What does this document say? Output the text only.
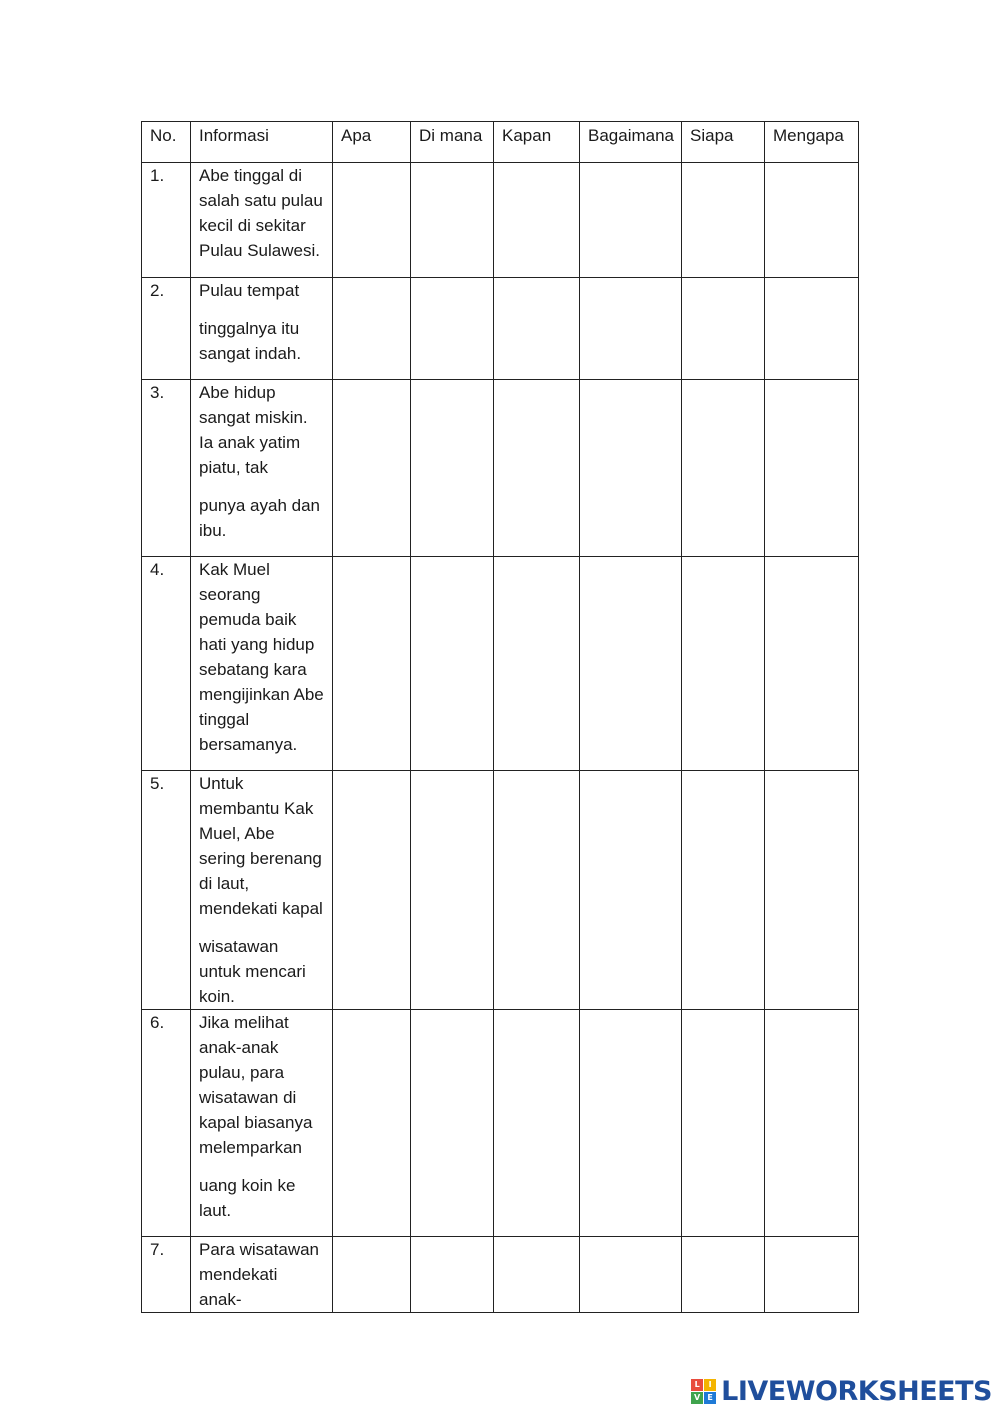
No.	Informasi	Apa	Di mana	Kapan	Bagaimana	Siapa	Mengapa
1.	Abe tinggal di salah satu pulau kecil di sekitar Pulau Sulawesi.						

2.	Pulau tempat
tinggalnya itu sangat indah.						

3.	Abe hidup sangat miskin. Ia anak yatim piatu, tak
punya ayah dan ibu.						

4.	Kak Muel seorang pemuda baik hati yang hidup sebatang kara mengijinkan Abe tinggal bersamanya.						

5.	Untuk membantu Kak Muel, Abe sering berenang di laut, mendekati kapal
wisatawan untuk mencari koin.						

6.	Jika melihat anak-anak pulau, para wisatawan di kapal biasanya melemparkan
uang koin ke laut.						

7.	Para wisatawan mendekati anak-						

L	I
V E LIVEWORKSHEETS
